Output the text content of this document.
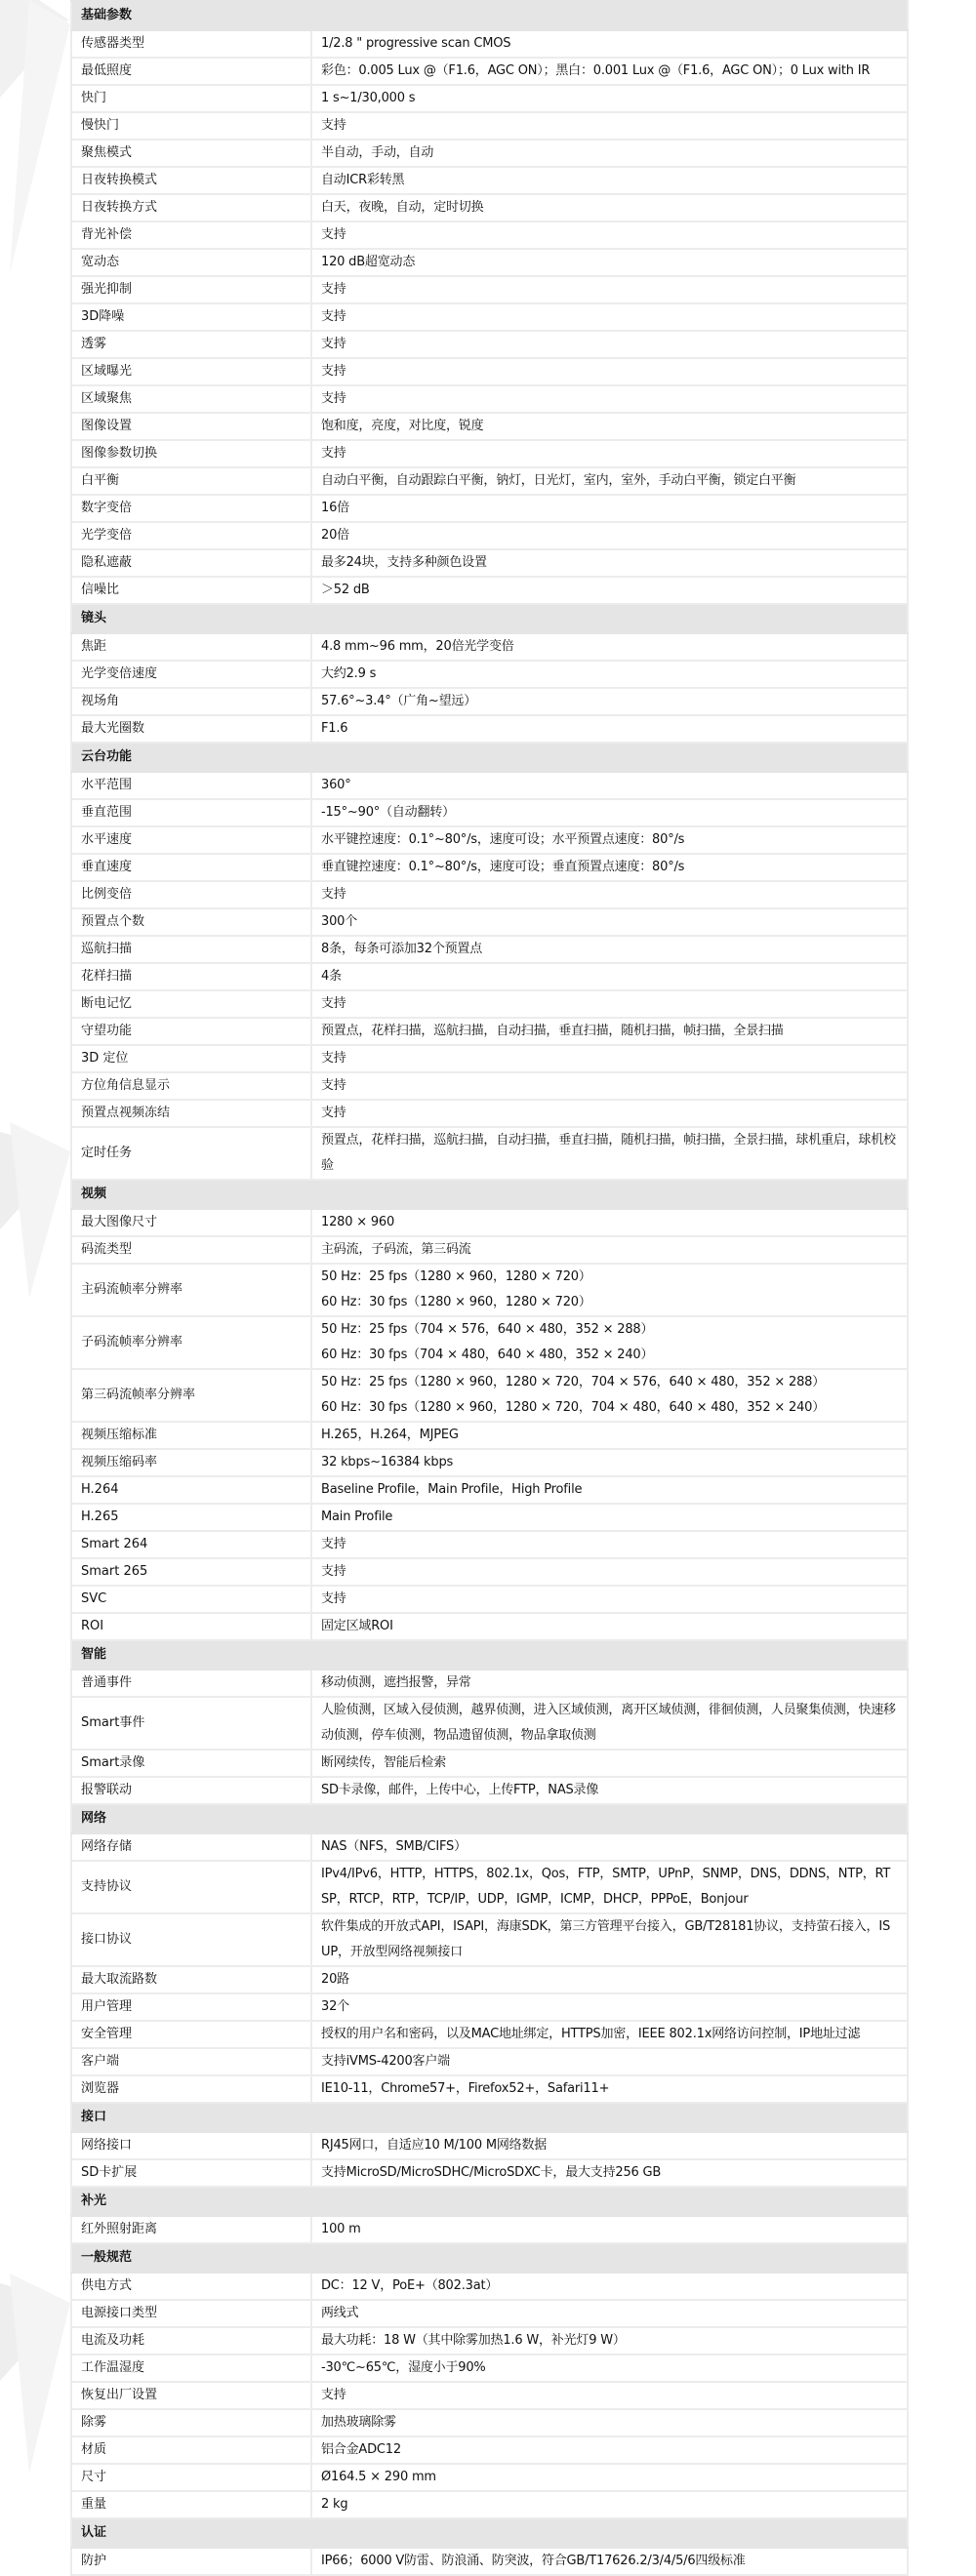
基础参数	
传感器类型	1/2.8 " progressive scan CMOS
最低照度	彩色：0.005 Lux @（F1.6，AGC ON）；黑白：0.001 Lux @（F1.6，AGC ON）；0 Lux with IR
快门	1 s~1/30,000 s
慢快门	支持
聚焦模式	半自动，手动，自动
日夜转换模式	自动ICR彩转黑
日夜转换方式	白天，夜晚，自动，定时切换
背光补偿	支持
宽动态	120 dB超宽动态
强光抑制	支持
3D降噪	支持
透雾	支持
区域曝光	支持
区域聚焦	支持
图像设置	饱和度，亮度，对比度，锐度
图像参数切换	支持
白平衡	自动白平衡，自动跟踪白平衡，钠灯，日光灯，室内，室外，手动白平衡，锁定白平衡
数字变倍	16倍
光学变倍	20倍
隐私遮蔽	最多24块，支持多种颜色设置
信噪比	＞52 dB
镜头	
焦距	4.8 mm~96 mm，20倍光学变倍
光学变倍速度	大约2.9 s
视场角	57.6°~3.4°（广角~望远）
最大光圈数	F1.6
云台功能	
水平范围	360°
垂直范围	-15°~90°（自动翻转）
水平速度	水平键控速度：0.1°~80°/s，速度可设；水平预置点速度：80°/s
垂直速度	垂直键控速度：0.1°~80°/s，速度可设；垂直预置点速度：80°/s
比例变倍	支持
预置点个数	300个
巡航扫描	8条，每条可添加32个预置点
花样扫描	4条
断电记忆	支持
守望功能	预置点，花样扫描，巡航扫描，自动扫描，垂直扫描，随机扫描，帧扫描，全景扫描
3D 定位	支持
方位角信息显示	支持
预置点视频冻结	支持
定时任务	预置点，花样扫描，巡航扫描，自动扫描，垂直扫描，随机扫描，帧扫描，全景扫描，球机重启，球机校验
视频	
最大图像尺寸	1280 × 960
码流类型	主码流，子码流，第三码流
主码流帧率分辨率	50 Hz：25 fps（1280 × 960，1280 × 720）
60 Hz：30 fps（1280 × 960，1280 × 720）

子码流帧率分辨率	50 Hz：25 fps（704 × 576，640 × 480，352 × 288）
60 Hz：30 fps（704 × 480，640 × 480，352 × 240）

第三码流帧率分辨率	50 Hz：25 fps（1280 × 960，1280 × 720，704 × 576，640 × 480，352 × 288）
60 Hz：30 fps（1280 × 960，1280 × 720，704 × 480，640 × 480，352 × 240）

视频压缩标准	H.265，H.264，MJPEG
视频压缩码率	32 kbps~16384 kbps
H.264	Baseline Profile，Main Profile，High Profile
H.265	Main Profile
Smart 264	支持
Smart 265	支持
SVC	支持
ROI	固定区域ROI
智能	
普通事件	移动侦测，遮挡报警，异常
Smart事件	人脸侦测，区域入侵侦测，越界侦测，进入区域侦测，离开区域侦测，徘徊侦测，人员聚集侦测，快速移动侦测，停车侦测，物品遗留侦测，物品拿取侦测
Smart录像	断网续传，智能后检索
报警联动	SD卡录像，邮件，上传中心，上传FTP，NAS录像
网络	
网络存储	NAS（NFS，SMB/CIFS）
支持协议	IPv4/IPv6，HTTP，HTTPS，802.1x，Qos，FTP，SMTP，UPnP，SNMP，DNS，DDNS，NTP，RTSP，RTCP，RTP，TCP/IP，UDP，IGMP，ICMP，DHCP，PPPoE，Bonjour
接口协议	软件集成的开放式API，ISAPI，海康SDK，第三方管理平台接入，GB/T28181协议，支持萤石接入，ISUP，开放型网络视频接口
最大取流路数	20路
用户管理	32个
安全管理	授权的用户名和密码，以及MAC地址绑定，HTTPS加密，IEEE 802.1x网络访问控制，IP地址过滤
客户端	支持iVMS-4200客户端
浏览器	IE10-11，Chrome57+，Firefox52+，Safari11+
接口	
网络接口	RJ45网口，自适应10 M/100 M网络数据
SD卡扩展	支持MicroSD/MicroSDHC/MicroSDXC卡，最大支持256 GB
补光	
红外照射距离	100 m
一般规范	
供电方式	DC：12 V，PoE+（802.3at）
电源接口类型	两线式
电流及功耗	最大功耗：18 W（其中除雾加热1.6 W，补光灯9 W）
工作温湿度	-30℃~65℃，湿度小于90%
恢复出厂设置	支持
除雾	加热玻璃除雾
材质	铝合金ADC12
尺寸	Ø164.5 × 290 mm
重量	2 kg
认证	
防护	IP66；6000 V防雷、防浪涌、防突波，符合GB/T17626.2/3/4/5/6四级标准
